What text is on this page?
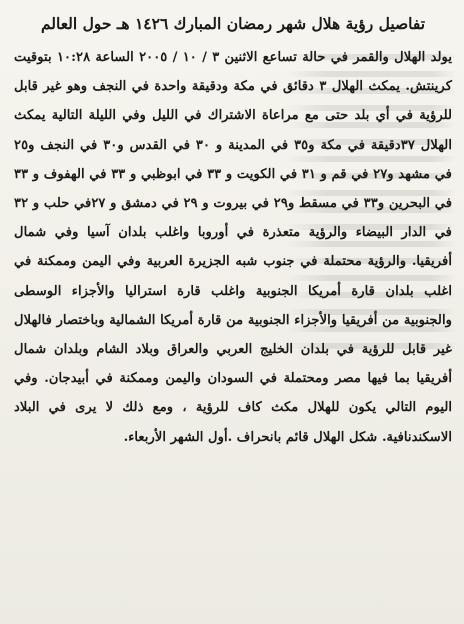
تفاصيل رؤية هلال شهر رمضان المبارك ١٤٢٦ هـ حول العالم

يولد الهلال والقمر في حالة تساعع الاثنين ٣ / ١٠ / ٢٠٠٥ الساعة ١٠:٢٨ بتوقيت كرينتش. يمكث الهلال ٣ دقائق في مكة ودقيقة واحدة في النجف وهو غير قابل للرؤية في أي بلد حتى مع مراعاة الاشتراك في الليل وفي الليلة التالية يمكث الهلال ٣٧دقيقة في مكة و٣٥ في المدينة و ٣٠ في القدس و٣٠ في النجف و٢٥ في مشهد و٢٧ في قم و ٣١ في الكويت و ٣٣ في ابوظبي و ٣٣ في الهفوف و ٣٣ في البحرين و٣٣ في مسقط و٢٩ في بيروت و ٢٩ في دمشق و ٢٧في حلب و ٣٢ في الدار البيضاء والرؤية متعذرة في أوروبا واغلب بلدان آسيا وفي شمال أفريقيا. والرؤية محتملة في جنوب شبه الجزيرة العربية وفي اليمن وممكنة في اغلب بلدان قارة أمريكا الجنوبية واغلب قارة استراليا والأجزاء الوسطى والجنوبية من أفريقيا والأجزاء الجنوبية من قارة أمريكا الشمالية وباختصار فالهلال غير قابل للرؤية في بلدان الخليج العربي والعراق وبلاد الشام وبلدان شمال أفريقيا بما فيها مصر ومحتملة في السودان واليمن وممكنة في أبيدجان. وفي اليوم التالي يكون للهلال مكث كاف للرؤية ، ومع ذلك لا يرى في البلاد الاسكندنافية. شكل الهلال قائم بانحراف .أول الشهر الأربعاء.
